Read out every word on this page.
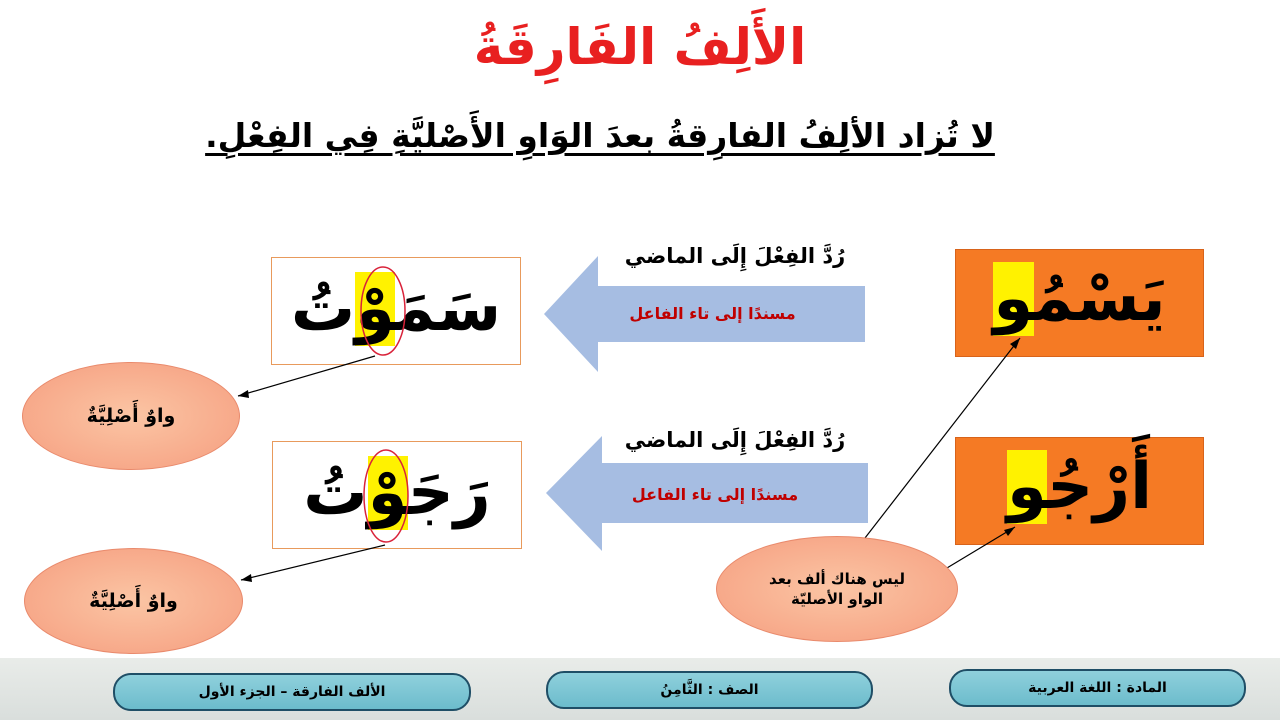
الأَلِفُ الفَارِقَةُ
لا تُزاد الألِفُ الفارِقةُ بعدَ الوَاوِ الأَصْليَّةِ فِي الفِعْلِ.
يَسْمُو
أَرْجُو
رُدَّ الفِعْلَ إِلَى الماضي
مسندًا إلى تاء الفاعل
رُدَّ الفِعْلَ إِلَى الماضي
مسندًا إلى تاء الفاعل
سَمَوْتُ
رَجَوْتُ
واوٌ أَصْلِيَّةٌ
واوٌ أَصْلِيَّةٌ
ليس هناك ألف بعد
الواو الأصليّة
المادة : اللغة العربية
الصف : الثَّامِنُ
الألف الفارقة – الجزء الأول
